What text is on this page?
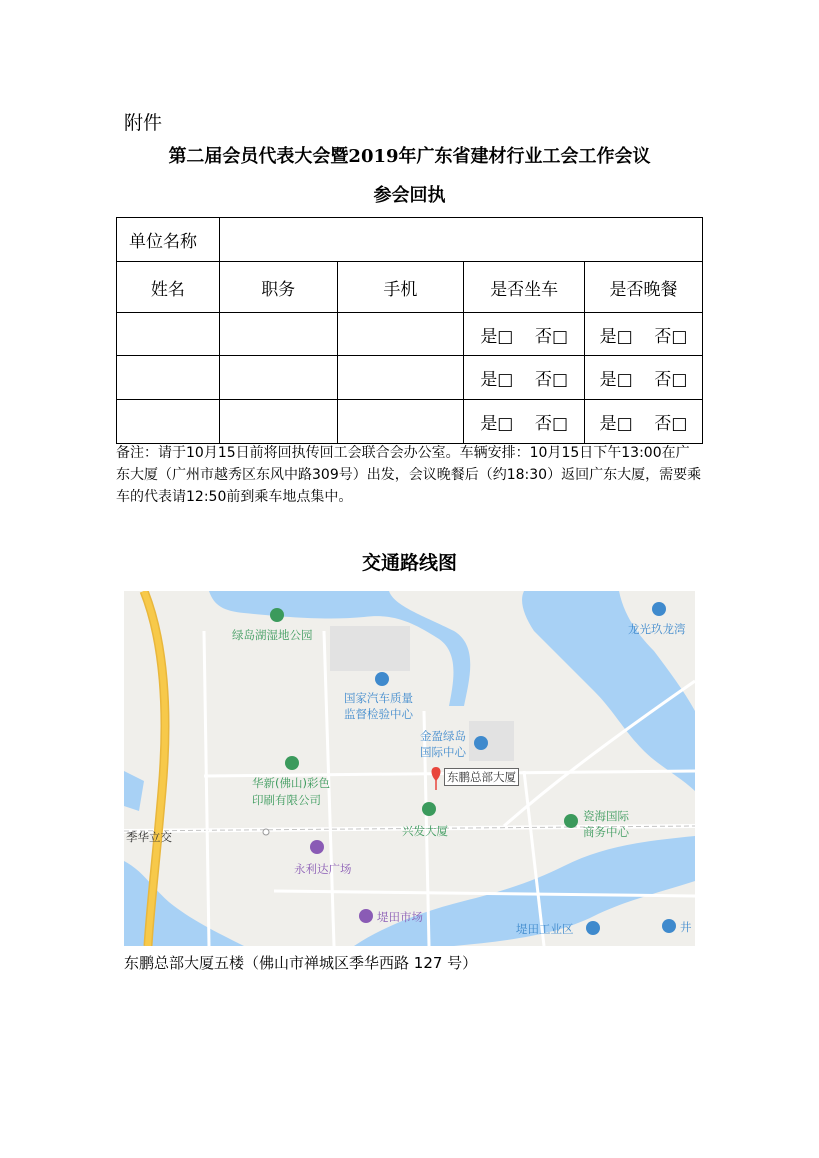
附件
第二届会员代表大会暨2019年广东省建材行业工会工作会议
参会回执
单位名称				
姓名	职务	手机	是否坐车	是否晚餐
			是□ 否□	是□ 否□
			是□ 否□	是□ 否□
			是□ 否□	是□ 否□
备注：请于10月15日前将回执传回工会联合会办公室。车辆安排：10月15日下午13:00在广东大厦（广州市越秀区东风中路309号）出发，会议晚餐后（约18:30）返回广东大厦，需要乘车的代表请12:50前到乘车地点集中。
交通路线图
绿岛湖湿地公园	龙光玖龙湾
国家汽车质量
监督检验中心
金盈绿岛
国际中心
东鹏总部大厦
华新(佛山)彩色
印刷有限公司
季华立交	兴发大厦
瓷海国际
商务中心
永利达广场
堤田市场
堤田工业区	井
东鹏总部大厦五楼（佛山市禅城区季华西路 127 号）
